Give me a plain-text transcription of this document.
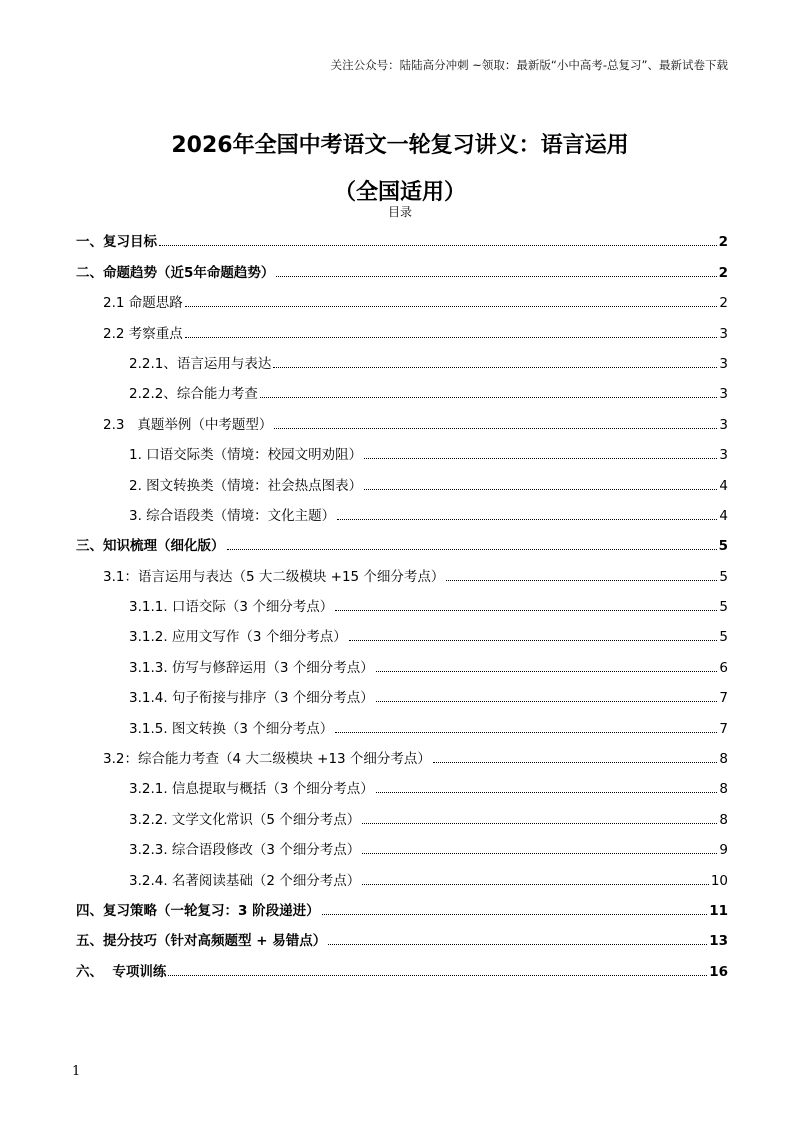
关注公众号：陆陆高分冲刺 ~领取：最新版“小中高考-总复习”、最新试卷下载
2026年全国中考语文一轮复习讲义：语言运用
（全国适用）
目录
一、复习目标	2
二、命题趋势（近5年命题趋势）	2
2.1 命题思路	2
2.2 考察重点	3
2.2.1、语言运用与表达	3
2.2.2、综合能力考查	3
2.3   真题举例（中考题型）	3
1. 口语交际类（情境：校园文明劝阻）	3
2. 图文转换类（情境：社会热点图表）	4
3. 综合语段类（情境：文化主题）	4
三、知识梳理（细化版）	5
3.1：语言运用与表达（5 大二级模块 +15 个细分考点）	5
3.1.1. 口语交际（3 个细分考点）	5
3.1.2. 应用文写作（3 个细分考点）	5
3.1.3. 仿写与修辞运用（3 个细分考点）	6
3.1.4. 句子衔接与排序（3 个细分考点）	7
3.1.5. 图文转换（3 个细分考点）	7
3.2：综合能力考查（4 大二级模块 +13 个细分考点）	8
3.2.1. 信息提取与概括（3 个细分考点）	8
3.2.2. 文学文化常识（5 个细分考点）	8
3.2.3. 综合语段修改（3 个细分考点）	9
3.2.4. 名著阅读基础（2 个细分考点）	10
四、复习策略（一轮复习：3 阶段递进）	11
五、提分技巧（针对高频题型 + 易错点）	13
六、  专项训练	16
1
